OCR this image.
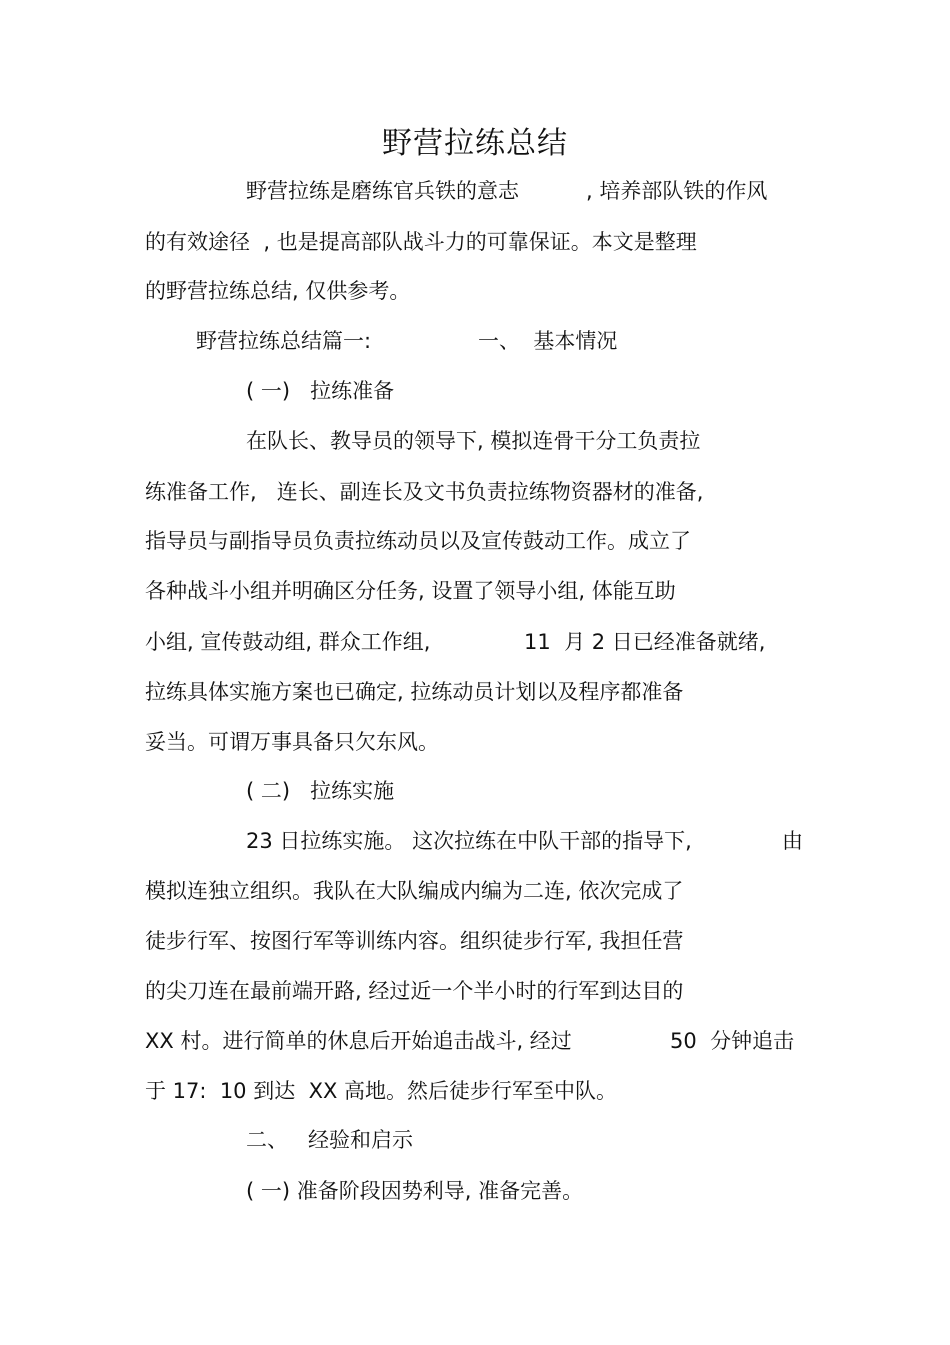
野营拉练总结
野营拉练是磨练官兵铁的意志	, 培养部队铁的作风
的有效途径  , 也是提高部队战斗力的可靠保证。本文是整理
的野营拉练总结, 仅供参考。
野营拉练总结篇一:	一、  基本情况
( 一)   拉练准备
在队长、教导员的领导下, 模拟连骨干分工负责拉
练准备工作,   连长、副连长及文书负责拉练物资器材的准备,
指导员与副指导员负责拉练动员以及宣传鼓动工作。成立了
各种战斗小组并明确区分任务, 设置了领导小组, 体能互助
小组, 宣传鼓动组, 群众工作组,	11  月 2 日已经准备就绪,
拉练具体实施方案也已确定, 拉练动员计划以及程序都准备
妥当。可谓万事具备只欠东风。
( 二)   拉练实施
23 日拉练实施。 这次拉练在中队干部的指导下,	由
模拟连独立组织。我队在大队编成内编为二连, 依次完成了
徒步行军、按图行军等训练内容。组织徒步行军, 我担任营
的尖刀连在最前端开路, 经过近一个半小时的行军到达目的
XX 村。进行简单的休息后开始追击战斗, 经过	50  分钟追击
于 17:  10 到达  XX 高地。然后徒步行军至中队。
二、   经验和启示
( 一) 准备阶段因势利导, 准备完善。
